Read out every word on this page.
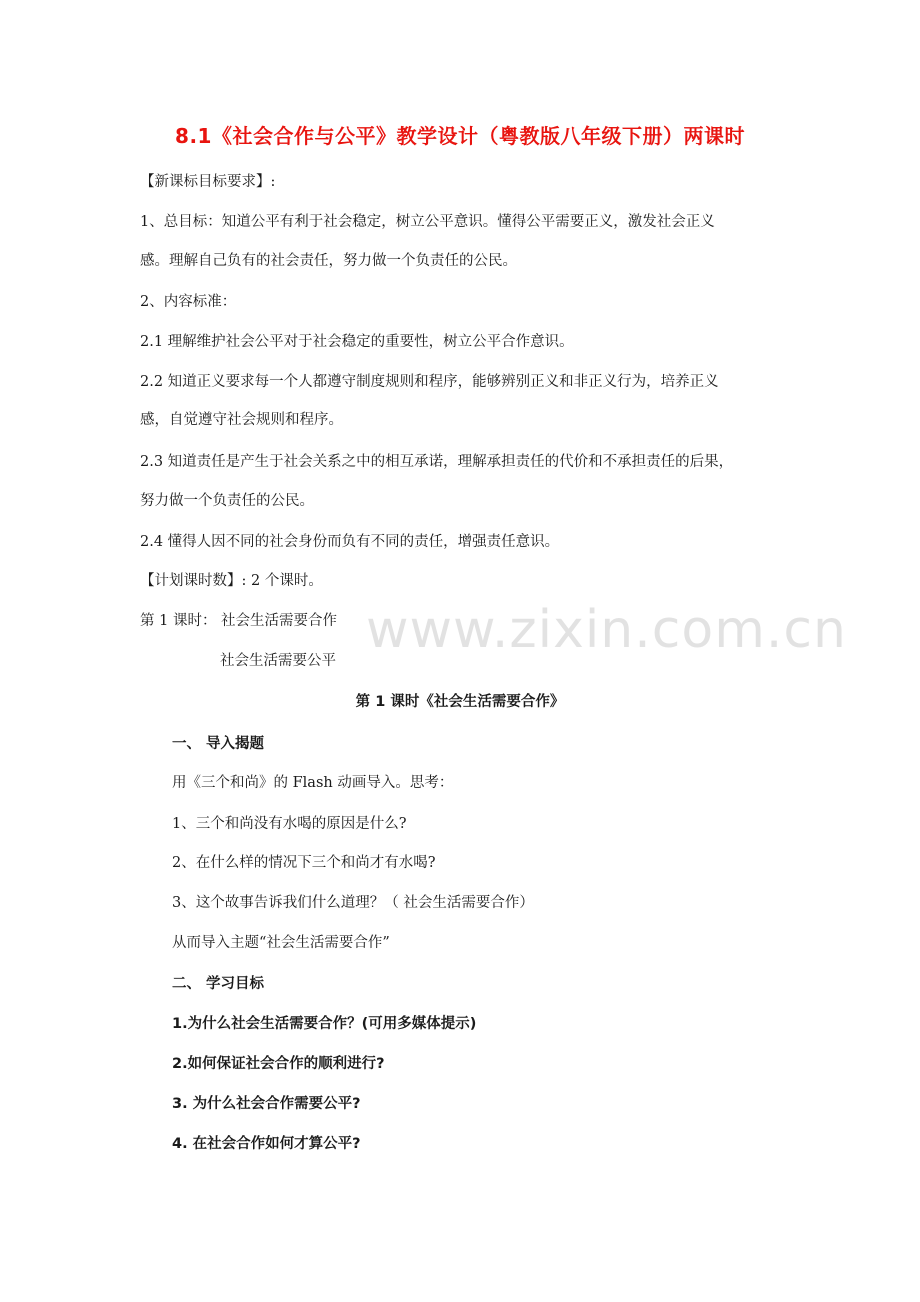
www.zixin.com.cn
8.1《社会合作与公平》教学设计（粤教版八年级下册）两课时
【新课标目标要求】:
1、总目标：知道公平有利于社会稳定，树立公平意识。懂得公平需要正义，激发社会正义
感。理解自己负有的社会责任，努力做一个负责任的公民。
2、内容标准：
2.1 理解维护社会公平对于社会稳定的重要性，树立公平合作意识。
2.2 知道正义要求每一个人都遵守制度规则和程序，能够辨别正义和非正义行为，培养正义
感，自觉遵守社会规则和程序。
2.3 知道责任是产生于社会关系之中的相互承诺，理解承担责任的代价和不承担责任的后果，
努力做一个负责任的公民。
2.4 懂得人因不同的社会身份而负有不同的责任，增强责任意识。
【计划课时数】: 2 个课时。
第 1 课时： 社会生活需要合作
社会生活需要公平
第 1 课时《社会生活需要合作》
一、 导入揭题
用《三个和尚》的 Flash 动画导入。思考：
1、三个和尚没有水喝的原因是什么?
2、在什么样的情况下三个和尚才有水喝?
3、这个故事告诉我们什么道理？（ 社会生活需要合作）
从而导入主题“社会生活需要合作”
二、 学习目标
1.为什么社会生活需要合作？(可用多媒体提示)
2.如何保证社会合作的顺利进行?
3. 为什么社会合作需要公平?
4. 在社会合作如何才算公平?
